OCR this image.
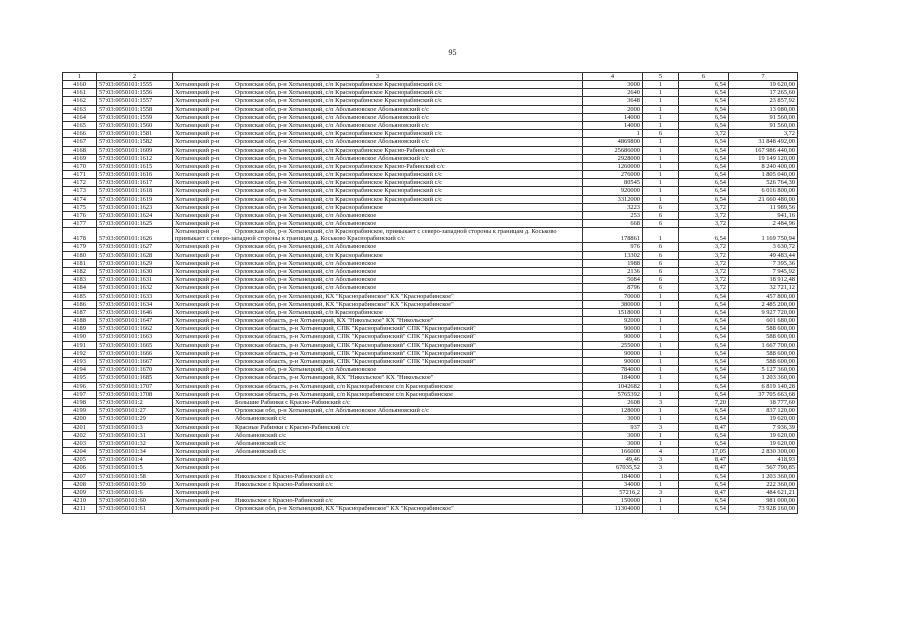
95
1	2	3	4	5	6	7
4160	57:03:0050101:1555	Хотынецкий р-н Орловская обл, р-н Хотынецкий, с/п Краснорабинское Краснорабинский с/с	3000	1	6,54	19 620,00
4161	57:03:0050101:1556	Хотынецкий р-н Орловская обл, р-н Хотынецкий, с/п Краснорабинское Краснорабинский с/с	2640	1	6,54	17 265,60
4162	57:03:0050101:1557	Хотынецкий р-н Орловская обл, р-н Хотынецкий, с/п Краснорабинское Краснорабинский с/с	3648	1	6,54	23 857,92
4163	57:03:0050101:1558	Хотынецкий р-н Орловская обл, р-н Хотынецкий, с/п Абольяновское Абольяновский с/с	2000	1	6,54	13 080,00
4164	57:03:0050101:1559	Хотынецкий р-н Орловская обл, р-н Хотынецкий, с/п Абольяновское Абольяновский с/с	14000	1	6,54	91 560,00
4165	57:03:0050101:1560	Хотынецкий р-н Орловская обл, р-н Хотынецкий, с/п Абольяновское Абольяновский с/с	14000	1	6,54	91 560,00
4166	57:03:0050101:1581	Хотынецкий р-н Орловская обл, р-н Хотынецкий, с/п Краснорабинское Краснорабинский с/с	1	6	3,72	3,72
4167	57:03:0050101:1582	Хотынецкий р-н Орловская обл, р-н Хотынецкий, с/п Абольяновское Абольяновский с/с	4869800	1	6,54	31 848 492,00
4168	57:03:0050101:1609	Хотынецкий р-н Орловская обл, р-н Хотынецкий, с/п Краснорабинское Красно-Рабинский с/с	25686000	1	6,54	167 986 440,00
4169	57:03:0050101:1612	Хотынецкий р-н Орловская обл, р-н Хотынецкий, с/п Абольяновское Абольяновский с/с	2928000	1	6,54	19 149 120,00
4170	57:03:0050101:1615	Хотынецкий р-н Орловская обл, р-н Хотынецкий, с/п Краснорабинское Красно-Рабинский с/с	1260000	1	6,54	8 240 400,00
4171	57:03:0050101:1616	Хотынецкий р-н Орловская обл, р-н Хотынецкий, с/п Краснорабинское Краснорабинский с/с	276000	1	6,54	1 805 040,00
4172	57:03:0050101:1617	Хотынецкий р-н Орловская обл, р-н Хотынецкий, с/п Краснорабинское Краснорабинский с/с	80545	1	6,54	526 764,30
4173	57:03:0050101:1618	Хотынецкий р-н Орловская обл, р-н Хотынецкий, с/п Краснорабинское Краснорабинский с/с	920000	1	6,54	6 016 800,00
4174	57:03:0050101:1619	Хотынецкий р-н Орловская обл, р-н Хотынецкий, с/п Краснорабинское Краснорабинский с/с	3312000	1	6,54	21 660 480,00
4175	57:03:0050101:1623	Хотынецкий р-н Орловская обл, р-н Хотынецкий, с/п Краснорабинское	3223	6	3,72	11 989,56
4176	57:03:0050101:1624	Хотынецкий р-н Орловская обл, р-н Хотынецкий, с/п Абольяновское	253	6	3,72	941,16
4177	57:03:0050101:1625	Хотынецкий р-н Орловская обл, р-н Хотынецкий, с/п Абольяновское	668	6	3,72	2 484,96
4178	57:03:0050101:1626	Хотынецкий р-н Орловская обл, р-н Хотынецкий, с/п Краснорабинское, примыкает с северо-западной стороны к границам д. Коськово примыкает с северо-западной стороны к границам д. Коськово Краснорабинский с/с	178861	1	6,54	1 169 750,94
4179	57:03:0050101:1627	Хотынецкий р-н Орловская обл, р-н Хотынецкий, с/п Абольяновское	976	6	3,72	3 630,72
4180	57:03:0050101:1628	Хотынецкий р-н Орловская обл, р-н Хотынецкий, с/п Краснорабинское	13302	6	3,72	49 483,44
4181	57:03:0050101:1629	Хотынецкий р-н Орловская обл, р-н Хотынецкий, с/п Абольяновское	1988	6	3,72	7 395,36
4182	57:03:0050101:1630	Хотынецкий р-н Орловская обл, р-н Хотынецкий, с/п Абольяновское	2136	6	3,72	7 945,92
4183	57:03:0050101:1631	Хотынецкий р-н Орловская обл, р-н Хотынецкий, с/п Абольяновское	5084	6	3,72	18 912,48
4184	57:03:0050101:1632	Хотынецкий р-н Орловская обл, р-н Хотынецкий, с/п Абольяновское	8796	6	3,72	32 721,12
4185	57:03:0050101:1633	Хотынецкий р-н Орловская обл, р-н Хотынецкий, КХ "Краснорабинское" КХ "Краснорабинское"	70000	1	6,54	457 800,00
4186	57:03:0050101:1634	Хотынецкий р-н Орловская обл, р-н Хотынецкий, КХ "Краснорабинское" КХ "Краснорабинское"	380000	1	6,54	2 485 200,00
4187	57:03:0050101:1646	Хотынецкий р-н Орловская обл, р-н Хотынецкий, с/п Краснорабинское	1518000	1	6,54	9 927 720,00
4188	57:03:0050101:1647	Хотынецкий р-н Орловская область, р-н Хотынецкий, КХ "Никольское" КХ "Никольское"	92000	1	6,54	601 680,00
4189	57:03:0050101:1662	Хотынецкий р-н Орловская область, р-н Хотынецкий, СПК "Краснорабинский" СПК "Краснорабинский"	90000	1	6,54	588 600,00
4190	57:03:0050101:1663	Хотынецкий р-н Орловская область, р-н Хотынецкий, СПК "Краснорабинский" СПК "Краснорабинский"	90000	1	6,54	588 600,00
4191	57:03:0050101:1665	Хотынецкий р-н Орловская область, р-н Хотынецкий, СПК "Краснорабинский" СПК "Краснорабинский"	255000	1	6,54	1 667 700,00
4192	57:03:0050101:1666	Хотынецкий р-н Орловская область, р-н Хотынецкий, СПК "Краснорабинский" СПК "Краснорабинский"	90000	1	6,54	588 600,00
4193	57:03:0050101:1667	Хотынецкий р-н Орловская область, р-н Хотынецкий, СПК "Краснорабинский" СПК "Краснорабинский"	90000	1	6,54	588 600,00
4194	57:03:0050101:1670	Хотынецкий р-н Орловская обл, р-н Хотынецкий, с/п Абольяновское	784000	1	6,54	5 127 360,00
4195	57:03:0050101:1685	Хотынецкий р-н Орловская область, р-н Хотынецкий, КХ "Никольское" КХ "Никольское"	184000	1	6,54	1 203 360,00
4196	57:03:0050101:1707	Хотынецкий р-н Орловская область, р-н Хотынецкий, с/п Краснорабинское с/п Краснорабинское	1042682	1	6,54	6 819 140,28
4197	57:03:0050101:1708	Хотынецкий р-н Орловская область, р-н Хотынецкий, с/п Краснорабинское с/п Краснорабинское	5765392	1	6,54	37 705 663,68
4198	57:03:0050101:2	Хотынецкий р-н Большие Рабинки с Красно-Рабинский с/с	2608	3	7,20	18 777,60
4199	57:03:0050101:27	Хотынецкий р-н Орловская обл, р-н Хотынецкий, с/п Абольяновское Абольяновский с/с	128000	1	6,54	837 120,00
4200	57:03:0050101:29	Хотынецкий р-н Абольяновский с/с	3000	1	6,54	19 620,00
4201	57:03:0050101:3	Хотынецкий р-н Красные Рабинки с Красно-Рабинский с/с	937	3	8,47	7 936,39
4202	57:03:0050101:31	Хотынецкий р-н Абольяновский с/с	3000	1	6,54	19 620,00
4203	57:03:0050101:32	Хотынецкий р-н Абольяновский с/с	3000	1	6,54	19 620,00
4204	57:03:0050101:34	Хотынецкий р-н Абольяновский с/с	166000	4	17,05	2 830 300,00
4205	57:03:0050101:4	Хотынецкий р-н	49,46	3	8,47	418,93
4206	57:03:0050101:5	Хотынецкий р-н	67035,52	3	8,47	567 790,85
4207	57:03:0050101:58	Хотынецкий р-н Никольское с Красно-Рабинский с/с	184000	1	6,54	1 203 360,00
4208	57:03:0050101:59	Хотынецкий р-н Никольское с Красно-Рабинский с/с	34000	1	6,54	222 360,00
4209	57:03:0050101:6	Хотынецкий р-н	57216,2	3	8,47	484 621,21
4210	57:03:0050101:60	Хотынецкий р-н Никольское с Красно-Рабинский с/с	150000	1	6,54	981 000,00
4211	57:03:0050101:61	Хотынецкий р-н Орловская обл, р-н Хотынецкий, КХ "Краснорабинское" КХ "Краснорабинское"	11304000	1	6,54	73 928 160,00
